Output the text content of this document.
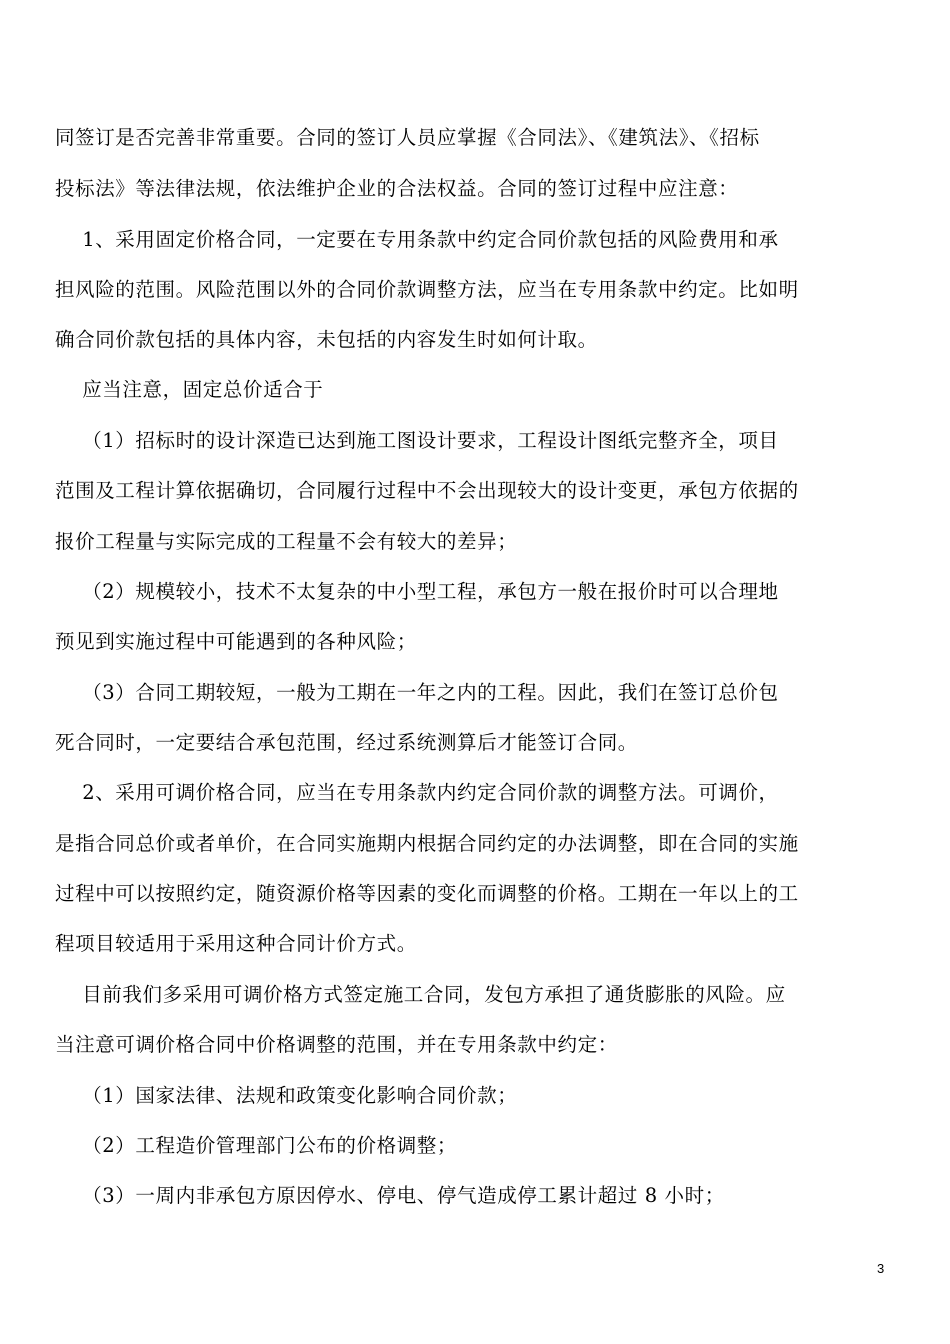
同签订是否完善非常重要。合同的签订人员应掌握《合同法》、《建筑法》、《招标
投标法》等法律法规，依法维护企业的合法权益。合同的签订过程中应注意：
1、采用固定价格合同，一定要在专用条款中约定合同价款包括的风险费用和承
担风险的范围。风险范围以外的合同价款调整方法，应当在专用条款中约定。比如明
确合同价款包括的具体内容，未包括的内容发生时如何计取。
应当注意，固定总价适合于
（1）招标时的设计深造已达到施工图设计要求，工程设计图纸完整齐全，项目
范围及工程计算依据确切，合同履行过程中不会出现较大的设计变更，承包方依据的
报价工程量与实际完成的工程量不会有较大的差异；
（2）规模较小，技术不太复杂的中小型工程，承包方一般在报价时可以合理地
预见到实施过程中可能遇到的各种风险；
（3）合同工期较短，一般为工期在一年之内的工程。因此，我们在签订总价包
死合同时，一定要结合承包范围，经过系统测算后才能签订合同。
2、采用可调价格合同，应当在专用条款内约定合同价款的调整方法。可调价，
是指合同总价或者单价，在合同实施期内根据合同约定的办法调整，即在合同的实施
过程中可以按照约定，随资源价格等因素的变化而调整的价格。工期在一年以上的工
程项目较适用于采用这种合同计价方式。
目前我们多采用可调价格方式签定施工合同，发包方承担了通货膨胀的风险。应
当注意可调价格合同中价格调整的范围，并在专用条款中约定：
（1）国家法律、法规和政策变化影响合同价款；
（2）工程造价管理部门公布的价格调整；
（3）一周内非承包方原因停水、停电、停气造成停工累计超过 8 小时；
3
